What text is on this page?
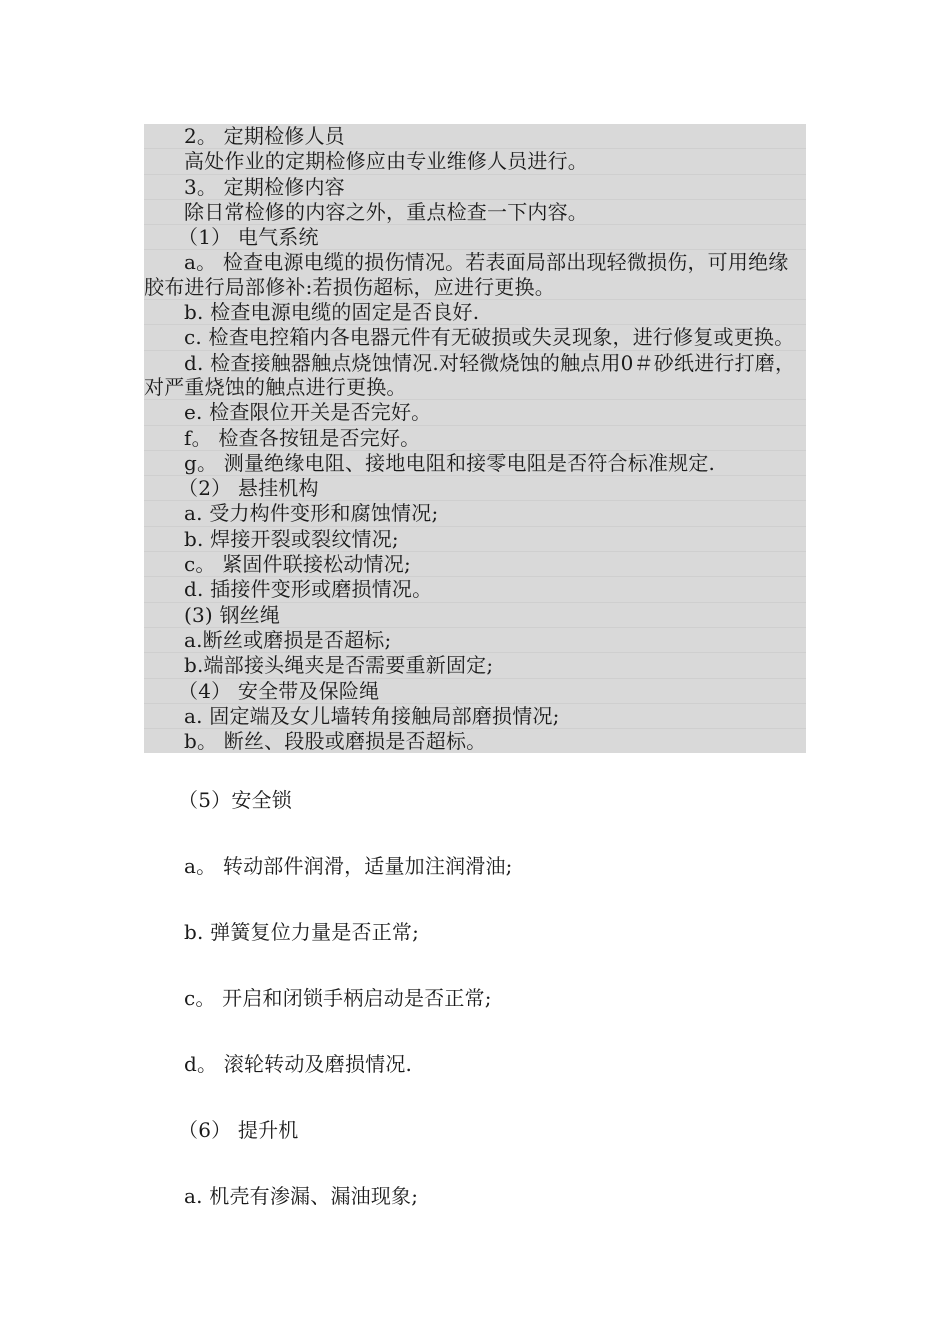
2。 定期检修人员
高处作业的定期检修应由专业维修人员进行。
3。 定期检修内容
除日常检修的内容之外，重点检查一下内容。
（1） 电气系统
a。 检查电源电缆的损伤情况。若表面局部出现轻微损伤，可用绝缘胶布进行局部修补:若损伤超标，应进行更换。
b. 检查电源电缆的固定是否良好.
c. 检查电控箱内各电器元件有无破损或失灵现象，进行修复或更换。
d. 检查接触器触点烧蚀情况.对轻微烧蚀的触点用0＃砂纸进行打磨，对严重烧蚀的触点进行更换。
e. 检查限位开关是否完好。
f。 检查各按钮是否完好。
g。 测量绝缘电阻、接地电阻和接零电阻是否符合标准规定.
（2） 悬挂机构
a. 受力构件变形和腐蚀情况;
b. 焊接开裂或裂纹情况;
c。 紧固件联接松动情况;
d. 插接件变形或磨损情况。
(3) 钢丝绳
a.断丝或磨损是否超标;
b.端部接头绳夹是否需要重新固定;
（4） 安全带及保险绳
a. 固定端及女儿墙转角接触局部磨损情况;
b。 断丝、段股或磨损是否超标。
（5）安全锁
a。 转动部件润滑，适量加注润滑油;
b. 弹簧复位力量是否正常;
c。 开启和闭锁手柄启动是否正常;
d。 滚轮转动及磨损情况.
（6） 提升机
a. 机壳有渗漏、漏油现象;
